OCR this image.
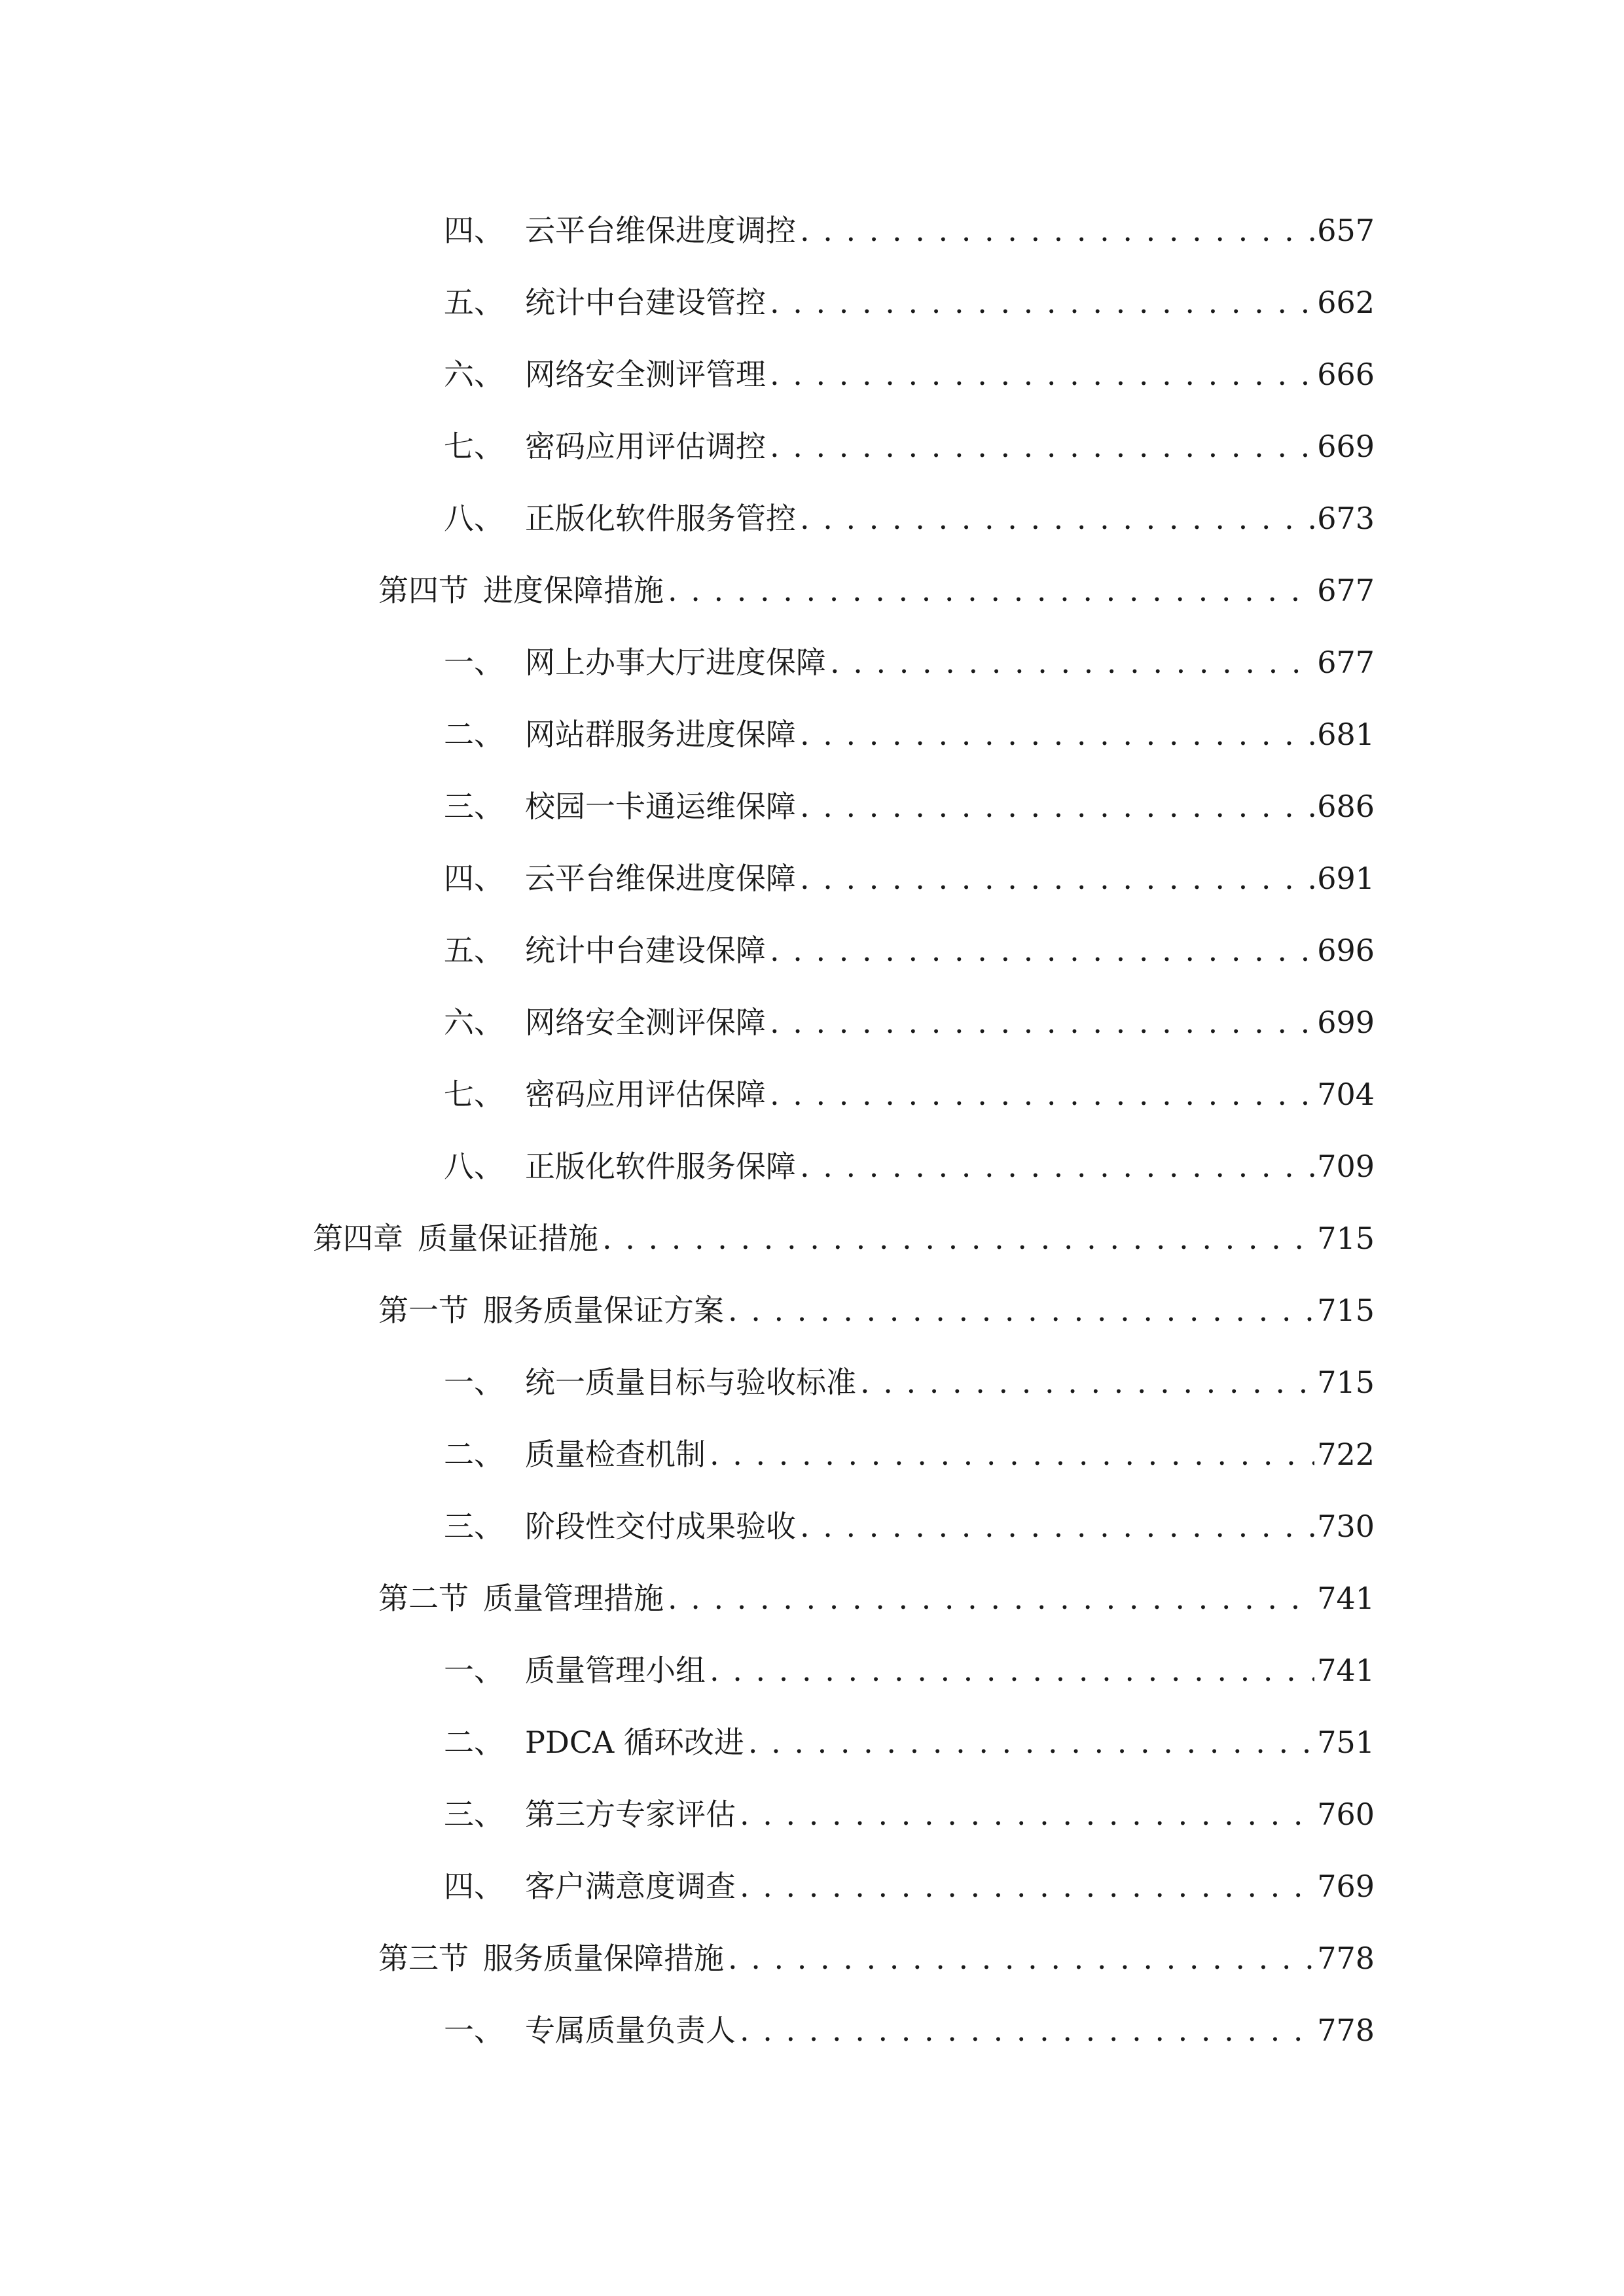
四、 云平台维保进度调控 . . .	657
五、 统计中台建设管控 . . .	662
六、 网络安全测评管理 . . .	666
七、 密码应用评估调控 . . .	669
八、 正版化软件服务管控 . . .	673
第四节 进度保障措施 . . .	677
一、 网上办事大厅进度保障 . . .	677
二、 网站群服务进度保障 . . .	681
三、 校园一卡通运维保障 . . .	686
四、 云平台维保进度保障 . . .	691
五、 统计中台建设保障 . . .	696
六、 网络安全测评保障 . . .	699
七、 密码应用评估保障 . . .	704
八、 正版化软件服务保障 . . .	709
第四章 质量保证措施 . . .	715
第一节 服务质量保证方案 . . .	715
一、 统一质量目标与验收标准 . . .	715
二、 质量检查机制 . . .	722
三、 阶段性交付成果验收 . . .	730
第二节 质量管理措施 . . .	741
一、 质量管理小组 . . .	741
二、 PDCA 循环改进 . . .	751
三、 第三方专家评估 . . .	760
四、 客户满意度调查 . . .	769
第三节 服务质量保障措施 . . .	778
一、 专属质量负责人 . . .	778
